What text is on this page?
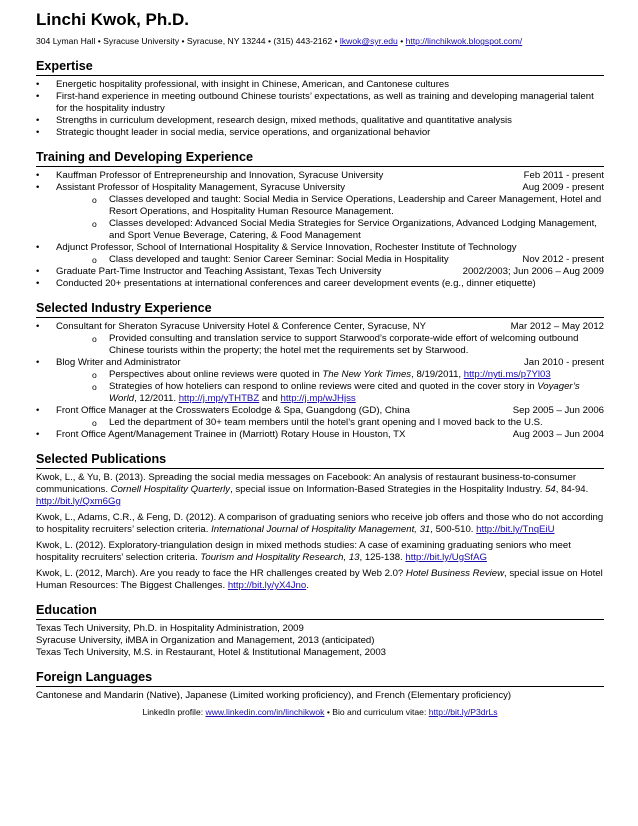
Linchi Kwok, Ph.D.
304 Lyman Hall • Syracuse University • Syracuse, NY 13244 • (315) 443-2162 • lkwok@syr.edu • http://linchikwok.blogspot.com/
Expertise
• Energetic hospitality professional, with insight in Chinese, American, and Cantonese cultures
• First-hand experience in meeting outbound Chinese tourists’ expectations, as well as training and developing managerial talent for the hospitality industry
• Strengths in curriculum development, research design, mixed methods, qualitative and quantitative analysis
• Strategic thought leader in social media, service operations, and organizational behavior
Training and Developing Experience
• Kauffman Professor of Entrepreneurship and Innovation, Syracuse University	Feb 2011 - present
• Assistant Professor of Hospitality Management, Syracuse University	Aug 2009 - present
o Classes developed and taught: Social Media in Service Operations, Leadership and Career Management, Hotel and Resort Operations, and Hospitality Human Resource Management.
o Classes developed: Advanced Social Media Strategies for Service Organizations, Advanced Lodging Management, and Sport Venue Beverage, Catering, & Food Management
• Adjunct Professor, School of International Hospitality & Service Innovation, Rochester Institute of Technology
o Class developed and taught: Senior Career Seminar: Social Media in Hospitality	Nov 2012 - present
• Graduate Part-Time Instructor and Teaching Assistant, Texas Tech University	2002/2003; Jun 2006 – Aug 2009
• Conducted 20+ presentations at international conferences and career development events (e.g., dinner etiquette)
Selected Industry Experience
• Consultant for Sheraton Syracuse University Hotel & Conference Center, Syracuse, NY	Mar 2012 – May 2012
o Provided consulting and translation service to support Starwood’s corporate-wide effort of welcoming outbound Chinese tourists within the property; the hotel met the requirements set by Starwood.
• Blog Writer and Administrator	Jan 2010 - present
o Perspectives about online reviews were quoted in The New York Times, 8/19/2011, http://nyti.ms/p7Yl03
o Strategies of how hoteliers can respond to online reviews were cited and quoted in the cover story in Voyager’s World, 12/2011. http://j.mp/yTHTBZ and http://j.mp/wJHjss
• Front Office Manager at the Crosswaters Ecolodge & Spa, Guangdong (GD), China	Sep 2005 – Jun 2006
o Led the department of 30+ team members until the hotel’s grant opening and I moved back to the U.S.
• Front Office Agent/Management Trainee in (Marriott) Rotary House in Houston, TX	Aug 2003 – Jun 2004
Selected Publications
Kwok, L., & Yu, B. (2013). Spreading the social media messages on Facebook: An analysis of restaurant business-to-consumer communications. Cornell Hospitality Quarterly, special issue on Information-Based Strategies in the Hospitality Industry. 54, 84-94. http://bit.ly/Qxm6Gg
Kwok, L., Adams, C.R., & Feng, D. (2012). A comparison of graduating seniors who receive job offers and those who do not according to hospitality recruiters’ selection criteria. International Journal of Hospitality Management, 31, 500-510. http://bit.ly/TnqEiU
Kwok, L. (2012). Exploratory-triangulation design in mixed methods studies: A case of examining graduating seniors who meet hospitality recruiters’ selection criteria. Tourism and Hospitality Research, 13, 125-138. http://bit.ly/UgSfAG
Kwok, L. (2012, March). Are you ready to face the HR challenges created by Web 2.0? Hotel Business Review, special issue on Hotel Human Resources: The Biggest Challenges. http://bit.ly/yX4Jno.
Education
Texas Tech University, Ph.D. in Hospitality Administration, 2009
Syracuse University, iMBA in Organization and Management, 2013 (anticipated)
Texas Tech University, M.S. in Restaurant, Hotel & Institutional Management, 2003
Foreign Languages
Cantonese and Mandarin (Native), Japanese (Limited working proficiency), and French (Elementary proficiency)
LinkedIn profile: www.linkedin.com/in/linchikwok • Bio and curriculum vitae: http://bit.ly/P3drLs
